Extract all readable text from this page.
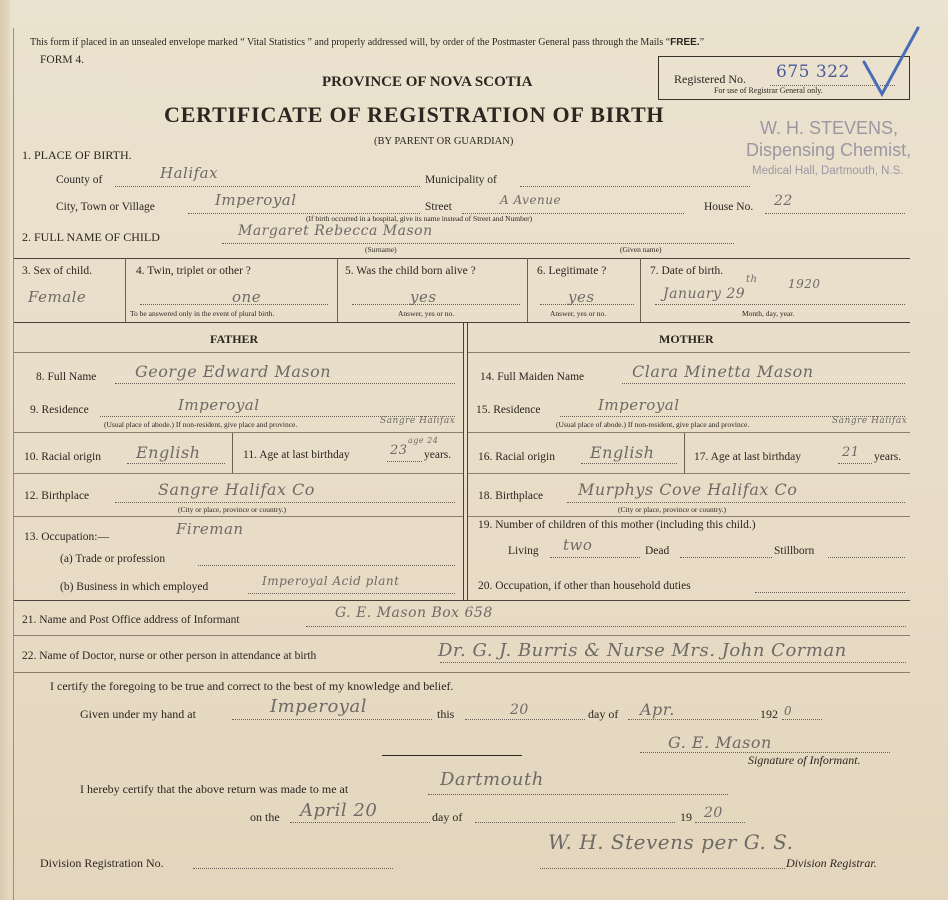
This form if placed in an unsealed envelope marked “ Vital Statistics ” and properly addressed will, by order of the Postmaster General pass through the Mails “FREE.”
FORM 4.
PROVINCE OF NOVA SCOTIA
CERTIFICATE OF REGISTRATION OF BIRTH
(BY PARENT OR GUARDIAN)
Registered No. 675 322
For use of Registrar General only.
W. H. STEVENS,
Dispensing Chemist,
Medical Hall, Dartmouth, N.S.
1. PLACE OF BIRTH.
County of	Halifax	Municipality of
City, Town or Village	Imperoyal	Street	A Avenue	House No. 22
(If birth occurred in a hospital, give its name instead of Street and Number)
2. FULL NAME OF CHILD	Margaret Rebecca Mason
(Surname)	(Given name)
3. Sex of child.
Female
4. Twin, triplet or other ?
one
To be answered only in the event of plural birth.
5. Was the child born alive ?
yes
Answer, yes or no.
6. Legitimate ?
yes
Answer, yes or no.
7. Date of birth.
January 29
th	1920
Month, day, year.
FATHER	MOTHER
8. Full Name George Edward Mason
9. Residence	Imperoyal
(Usual place of abode.) If non-resident, give place and province.	Sangre Halifax
10. Racial origin English	11. Age at last birthday	23
age 24
years.
12. Birthplace	Sangre Halifax Co
(City or place, province or country.)
13. Occupation:—	Fireman
(a) Trade or profession
(b) Business in which employed	Imperoyal Acid plant
14. Full Maiden Name	Clara Minetta Mason
15. Residence	Imperoyal
(Usual place of abode.) If non-resident, give place and province.	Sangre Halifax
16. Racial origin English	17. Age at last birthday	21 years.
18. Birthplace Murphys Cove Halifax Co
(City or place, province or country.)
19. Number of children of this mother (including this child.)
Living two	Dead	Stillborn
20. Occupation, if other than household duties
21. Name and Post Office address of Informant	G. E. Mason Box 658
22. Name of Doctor, nurse or other person in attendance at birth	Dr. G. J. Burris & Nurse Mrs. John Corman
I certify the foregoing to be true and correct to the best of my knowledge and belief.
Given under my hand at	Imperoyal	this	20	day of Apr.	192 0
G. E. Mason
Signature of Informant.
I hereby certify that the above return was made to me at	Dartmouth
on the April 20	day of	19 20
Division Registration No.
W. H. Stevens per G. S.
Division Registrar.
